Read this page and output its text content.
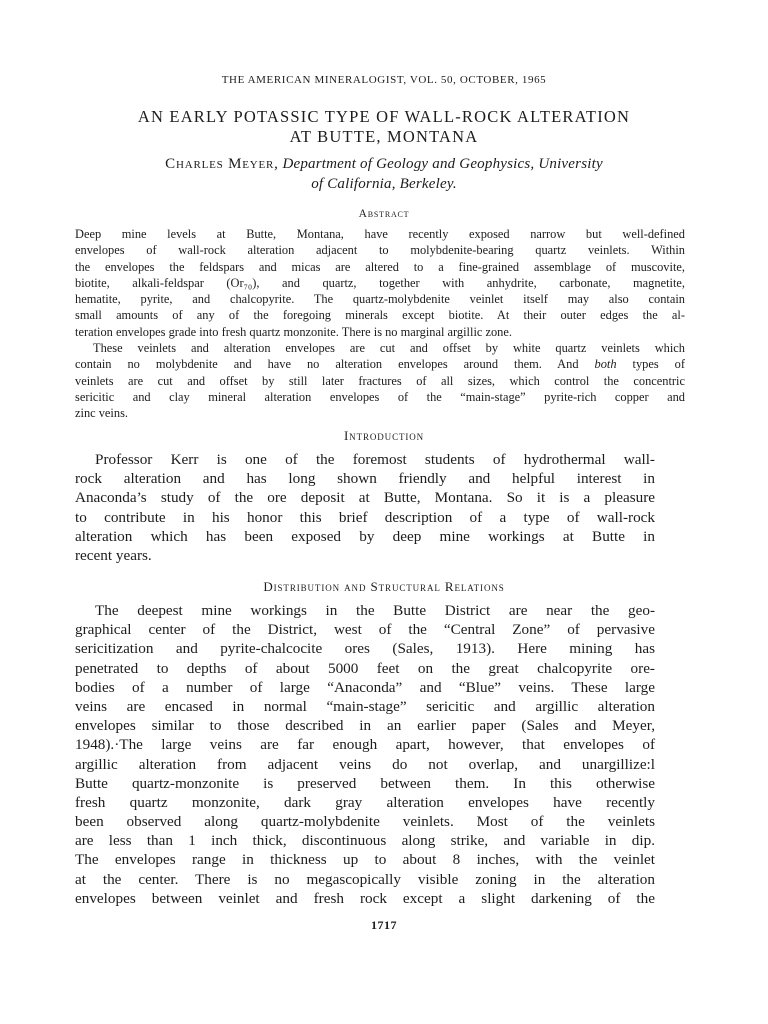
THE AMERICAN MINERALOGIST, VOL. 50, OCTOBER, 1965
AN EARLY POTASSIC TYPE OF WALL-ROCK ALTERATION
AT BUTTE, MONTANA
Charles Meyer, Department of Geology and Geophysics, University
of California, Berkeley.
Abstract
Deep mine levels at Butte, Montana, have recently exposed narrow but well-defined
envelopes of wall-rock alteration adjacent to molybdenite-bearing quartz veinlets. Within
the envelopes the feldspars and micas are altered to a fine-grained assemblage of muscovite,
biotite, alkali-feldspar (Or₇₀), and quartz, together with anhydrite, carbonate, magnetite,
hematite, pyrite, and chalcopyrite. The quartz-molybdenite veinlet itself may also contain
small amounts of any of the foregoing minerals except biotite. At their outer edges the al-
teration envelopes grade into fresh quartz monzonite. There is no marginal argillic zone.
These veinlets and alteration envelopes are cut and offset by white quartz veinlets which
contain no molybdenite and have no alteration envelopes around them. And both types of
veinlets are cut and offset by still later fractures of all sizes, which control the concentric
sericitic and clay mineral alteration envelopes of the “main-stage” pyrite-rich copper and
zinc veins.
Introduction
Professor Kerr is one of the foremost students of hydrothermal wall-
rock alteration and has long shown friendly and helpful interest in
Anaconda’s study of the ore deposit at Butte, Montana. So it is a pleasure
to contribute in his honor this brief description of a type of wall-rock
alteration which has been exposed by deep mine workings at Butte in
recent years.
Distribution and Structural Relations
The deepest mine workings in the Butte District are near the geo-
graphical center of the District, west of the “Central Zone” of pervasive
sericitization and pyrite-chalcocite ores (Sales, 1913). Here mining has
penetrated to depths of about 5000 feet on the great chalcopyrite ore-
bodies of a number of large “Anaconda” and “Blue” veins. These large
veins are encased in normal “main-stage” sericitic and argillic alteration
envelopes similar to those described in an earlier paper (Sales and Meyer,
1948).·The large veins are far enough apart, however, that envelopes of
argillic alteration from adjacent veins do not overlap, and unargillize:l
Butte quartz-monzonite is preserved between them. In this otherwise
fresh quartz monzonite, dark gray alteration envelopes have recently
been observed along quartz-molybdenite veinlets. Most of the veinlets
are less than 1 inch thick, discontinuous along strike, and variable in dip.
The envelopes range in thickness up to about 8 inches, with the veinlet
at the center. There is no megascopically visible zoning in the alteration
envelopes between veinlet and fresh rock except a slight darkening of the
1717
